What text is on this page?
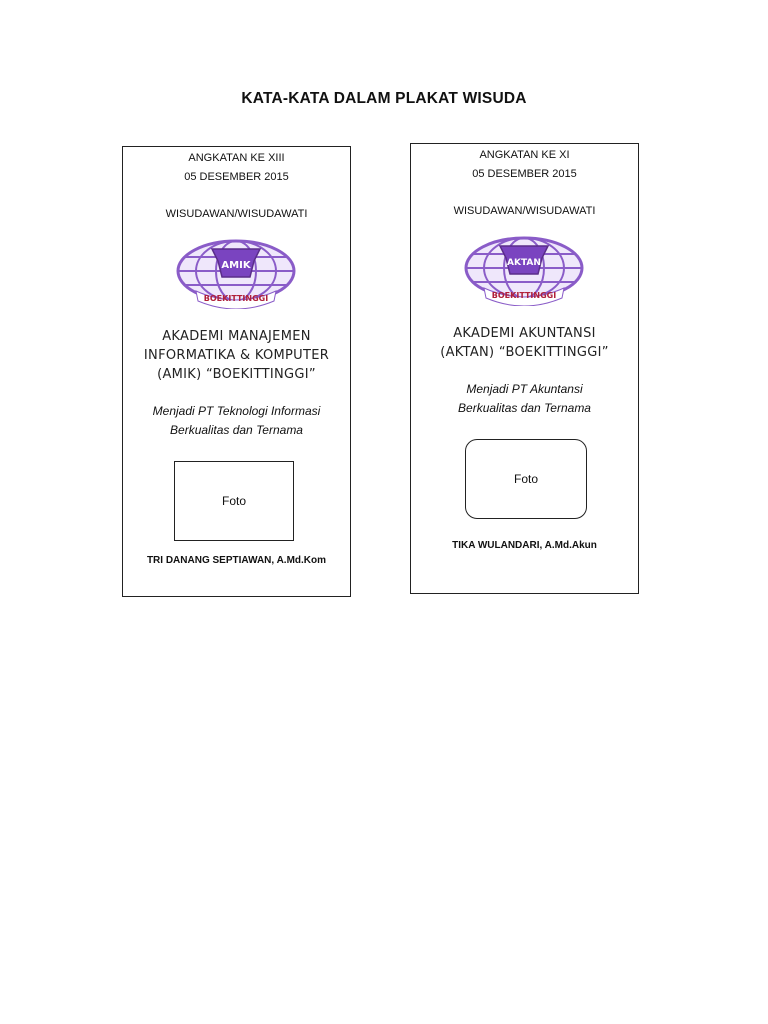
KATA-KATA DALAM PLAKAT WISUDA
ANGKATAN KE XIII
05 DESEMBER 2015
WISUDAWAN/WISUDAWATI
AMIK
BOEKITTINGGI
AKADEMI MANAJEMEN
INFORMATIKA & KOMPUTER
(AMIK) “BOEKITTINGGI”
Menjadi PT Teknologi Informasi
Berkualitas dan Ternama
Foto
TRI DANANG SEPTIAWAN, A.Md.Kom
ANGKATAN KE XI
05 DESEMBER 2015
WISUDAWAN/WISUDAWATI
AKTAN
BOEKITTINGGI
AKADEMI AKUNTANSI
(AKTAN) “BOEKITTINGGI”
Menjadi PT Akuntansi
Berkualitas dan Ternama
Foto
TIKA WULANDARI, A.Md.Akun
